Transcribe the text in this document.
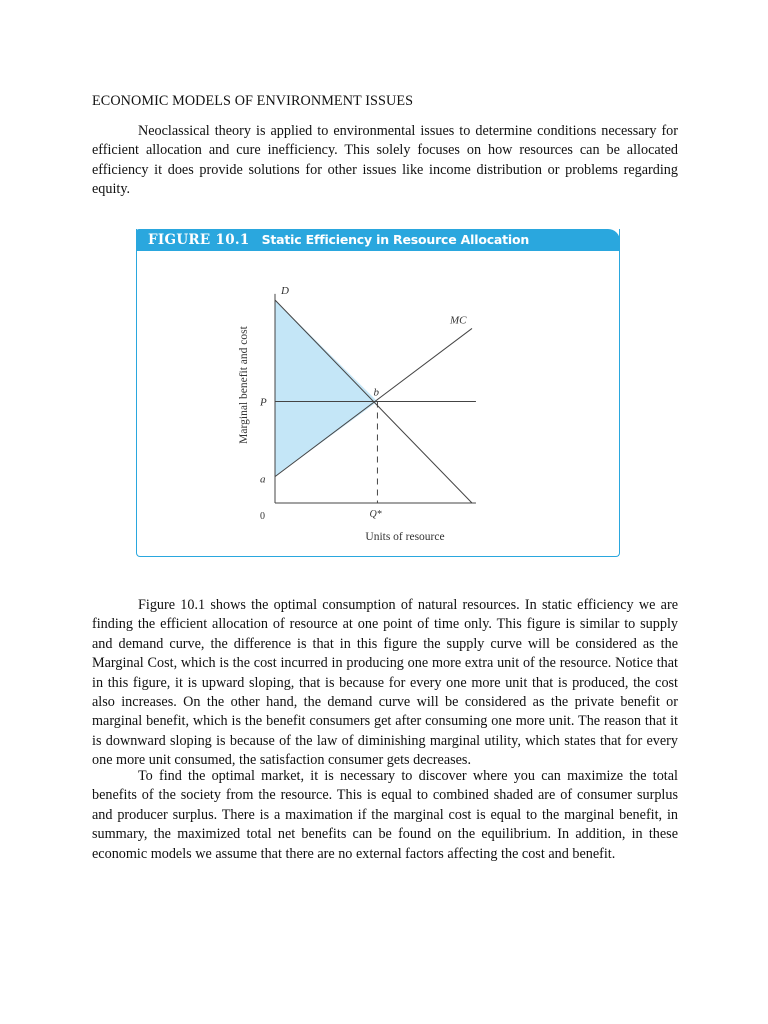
ECONOMIC MODELS OF ENVIRONMENT ISSUES

Neoclassical theory is applied to environmental issues to determine conditions necessary for efficient allocation and cure inefficiency. This solely focuses on how resources can be allocated efficiency it does provide solutions for other issues like income distribution or problems regarding equity.

FIGURE 10.1 Static Efficiency in Resource Allocation
D
MC
b
P
a
0	Q*
Units of resource
Marginal benefit and cost

Figure 10.1 shows the optimal consumption of natural resources. In static efficiency we are finding the efficient allocation of resource at one point of time only. This figure is similar to supply and demand curve, the difference is that in this figure the supply curve will be considered as the Marginal Cost, which is the cost incurred in producing one more extra unit of the resource. Notice that in this figure, it is upward sloping, that is because for every one more unit that is produced, the cost also increases. On the other hand, the demand curve will be considered as the private benefit or marginal benefit, which is the benefit consumers get after consuming one more unit. The reason that it is downward sloping is because of the law of diminishing marginal utility, which states that for every one more unit consumed, the satisfaction consumer gets decreases.

To find the optimal market, it is necessary to discover where you can maximize the total benefits of the society from the resource. This is equal to combined shaded are of consumer surplus and producer surplus. There is a maximation if the marginal cost is equal to the marginal benefit, in summary, the maximized total net benefits can be found on the equilibrium. In addition, in these economic models we assume that there are no external factors affecting the cost and benefit.
